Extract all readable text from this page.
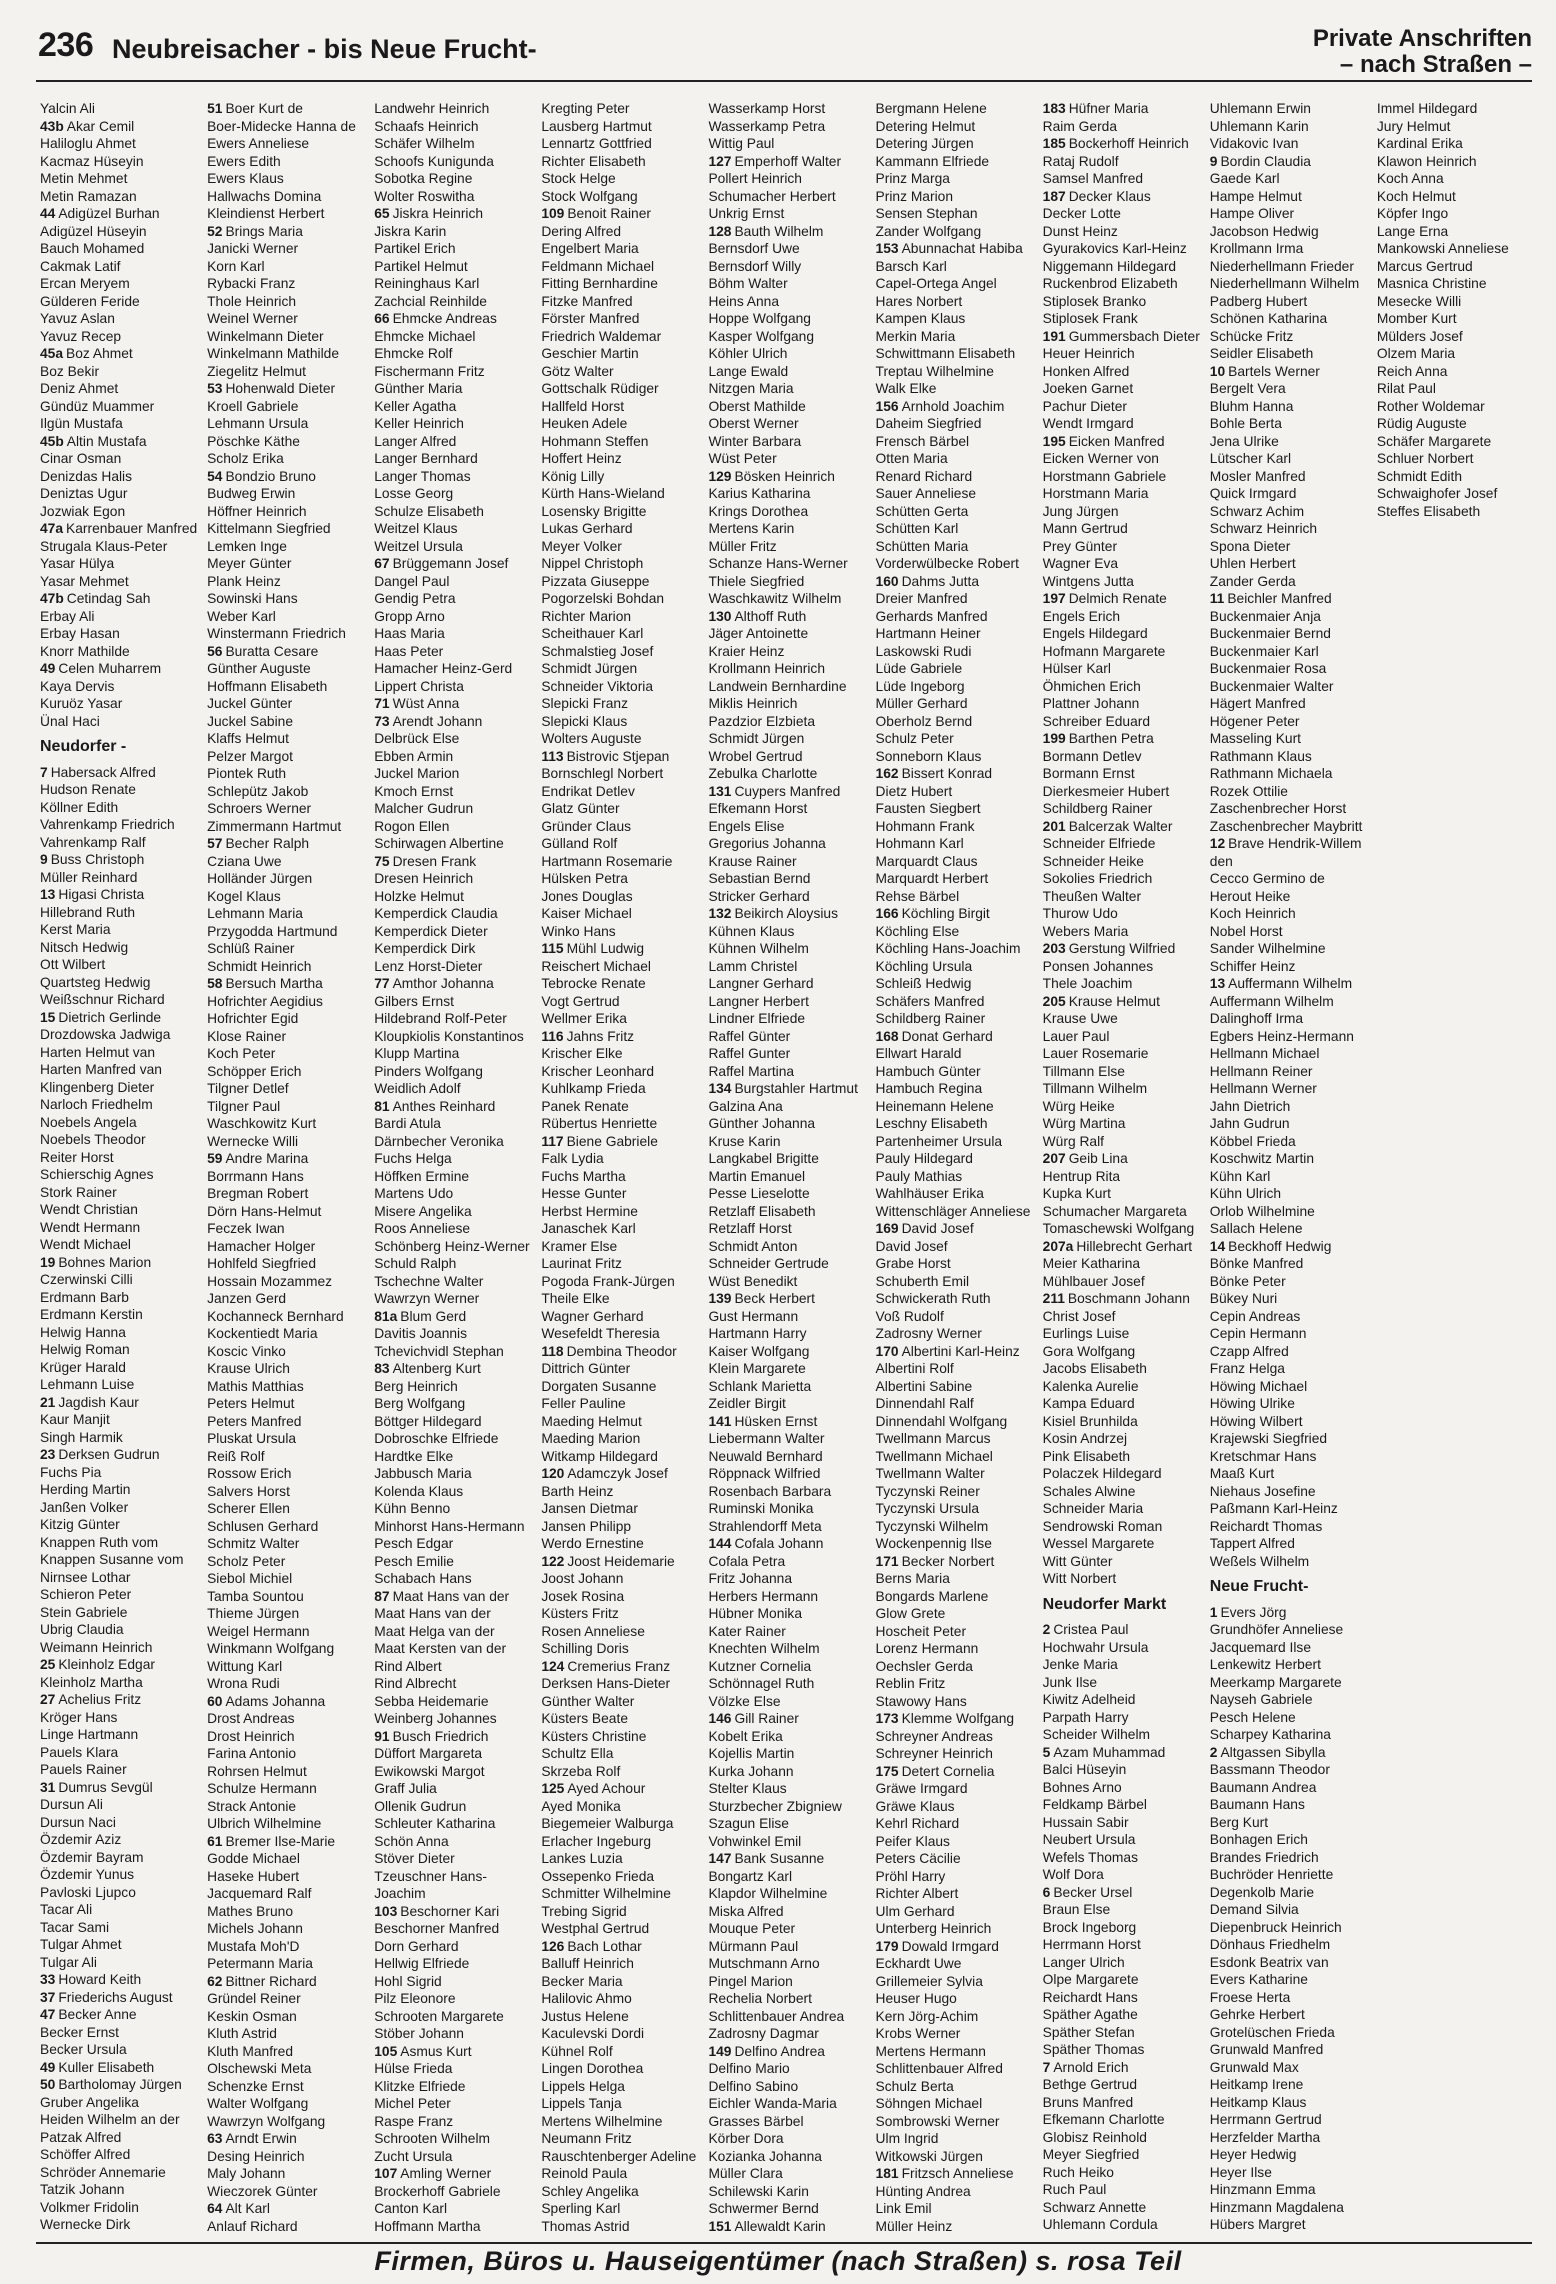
236 Neubreisacher - bis Neue Frucht-	Private Anschriften
– nach Straßen –
Yalcin Ali
43b Akar Cemil
Haliloglu Ahmet
Kacmaz Hüseyin
Metin Mehmet
Metin Ramazan
44 Adigüzel Burhan
Adigüzel Hüseyin
Bauch Mohamed
Cakmak Latif
Ercan Meryem
Gülderen Feride
Yavuz Aslan
Yavuz Recep
45a Boz Ahmet
Boz Bekir
Deniz Ahmet
Gündüz Muammer
Ilgün Mustafa
45b Altin Mustafa
Cinar Osman
Denizdas Halis
Deniztas Ugur
Jozwiak Egon
47a Karrenbauer Manfred
Strugala Klaus-Peter
Yasar Hülya
Yasar Mehmet
47b Cetindag Sah
Erbay Ali
Erbay Hasan
Knorr Mathilde
49 Celen Muharrem
Kaya Dervis
Kuruöz Yasar
Ünal Haci
Neudorfer -
7 Habersack Alfred
Hudson Renate
Köllner Edith
Vahrenkamp Friedrich
Vahrenkamp Ralf
9 Buss Christoph
Müller Reinhard
13 Higasi Christa
Hillebrand Ruth
Kerst Maria
Nitsch Hedwig
Ott Wilbert
Quartsteg Hedwig
Weißschnur Richard
15 Dietrich Gerlinde
Drozdowska Jadwiga
Harten Helmut van
Harten Manfred van
Klingenberg Dieter
Narloch Friedhelm
Noebels Angela
Noebels Theodor
Reiter Horst
Schierschig Agnes
Stork Rainer
Wendt Christian
Wendt Hermann
Wendt Michael
19 Bohnes Marion
Czerwinski Cilli
Erdmann Barb
Erdmann Kerstin
Helwig Hanna
Helwig Roman
Krüger Harald
Lehmann Luise
21 Jagdish Kaur
Kaur Manjit
Singh Harmik
23 Derksen Gudrun
Fuchs Pia
Herding Martin
Janßen Volker
Kitzig Günter
Knappen Ruth vom
Knappen Susanne vom
Nirnsee Lothar
Schieron Peter
Stein Gabriele
Ubrig Claudia
Weimann Heinrich
25 Kleinholz Edgar
Kleinholz Martha
27 Achelius Fritz
Kröger Hans
Linge Hartmann
Pauels Klara
Pauels Rainer
31 Dumrus Sevgül
Dursun Ali
Dursun Naci
Özdemir Aziz
Özdemir Bayram
Özdemir Yunus
Pavloski Ljupco
Tacar Ali
Tacar Sami
Tulgar Ahmet
Tulgar Ali
33 Howard Keith
37 Friederichs August
47 Becker Anne
Becker Ernst
Becker Ursula
49 Kuller Elisabeth
50 Bartholomay Jürgen
Gruber Angelika
Heiden Wilhelm an der
Patzak Alfred
Schöffer Alfred
Schröder Annemarie
Tatzik Johann
Volkmer Fridolin
Wernecke Dirk
51 Boer Kurt de
Boer-Midecke Hanna de
Ewers Anneliese
Ewers Edith
Ewers Klaus
Hallwachs Domina
Kleindienst Herbert
52 Brings Maria
Janicki Werner
Korn Karl
Rybacki Franz
Thole Heinrich
Weinel Werner
Winkelmann Dieter
Winkelmann Mathilde
Ziegelitz Helmut
53 Hohenwald Dieter
Kroell Gabriele
Lehmann Ursula
Pöschke Käthe
Scholz Erika
54 Bondzio Bruno
Budweg Erwin
Höffner Heinrich
Kittelmann Siegfried
Lemken Inge
Meyer Günter
Plank Heinz
Sowinski Hans
Weber Karl
Winstermann Friedrich
56 Buratta Cesare
Günther Auguste
Hoffmann Elisabeth
Juckel Günter
Juckel Sabine
Klaffs Helmut
Pelzer Margot
Piontek Ruth
Schlepütz Jakob
Schroers Werner
Zimmermann Hartmut
57 Becher Ralph
Cziana Uwe
Holländer Jürgen
Kogel Klaus
Lehmann Maria
Przygodda Hartmund
Schlüß Rainer
Schmidt Heinrich
58 Bersuch Martha
Hofrichter Aegidius
Hofrichter Egid
Klose Rainer
Koch Peter
Schöpper Erich
Tilgner Detlef
Tilgner Paul
Waschkowitz Kurt
Wernecke Willi
59 Andre Marina
Borrmann Hans
Bregman Robert
Dörn Hans-Helmut
Feczek Iwan
Hamacher Holger
Hohlfeld Siegfried
Hossain Mozammez
Janzen Gerd
Kochanneck Bernhard
Kockentiedt Maria
Koscic Vinko
Krause Ulrich
Mathis Matthias
Peters Helmut
Peters Manfred
Pluskat Ursula
Reiß Rolf
Rossow Erich
Salvers Horst
Scherer Ellen
Schlusen Gerhard
Schmitz Walter
Scholz Peter
Siebol Michiel
Tamba Sountou
Thieme Jürgen
Weigel Hermann
Winkmann Wolfgang
Wittung Karl
Wrona Rudi
60 Adams Johanna
Drost Andreas
Drost Heinrich
Farina Antonio
Rohrsen Helmut
Schulze Hermann
Strack Antonie
Ulbrich Wilhelmine
61 Bremer Ilse-Marie
Godde Michael
Haseke Hubert
Jacquemard Ralf
Mathes Bruno
Michels Johann
Mustafa Moh'D
Petermann Maria
62 Bittner Richard
Gründel Reiner
Keskin Osman
Kluth Astrid
Kluth Manfred
Olschewski Meta
Schenzke Ernst
Walter Wolfgang
Wawrzyn Wolfgang
63 Arndt Erwin
Desing Heinrich
Maly Johann
Wieczorek Günter
64 Alt Karl
Anlauf Richard
Landwehr Heinrich
Schaafs Heinrich
Schäfer Wilhelm
Schoofs Kunigunda
Sobotka Regine
Wolter Roswitha
65 Jiskra Heinrich
Jiskra Karin
Partikel Erich
Partikel Helmut
Reininghaus Karl
Zachcial Reinhilde
66 Ehmcke Andreas
Ehmcke Michael
Ehmcke Rolf
Fischermann Fritz
Günther Maria
Keller Agatha
Keller Heinrich
Langer Alfred
Langer Bernhard
Langer Thomas
Losse Georg
Schulze Elisabeth
Weitzel Klaus
Weitzel Ursula
67 Brüggemann Josef
Dangel Paul
Gendig Petra
Gropp Arno
Haas Maria
Haas Peter
Hamacher Heinz-Gerd
Lippert Christa
71 Wüst Anna
73 Arendt Johann
Delbrück Else
Ebben Armin
Juckel Marion
Kmoch Ernst
Malcher Gudrun
Rogon Ellen
Schirwagen Albertine
75 Dresen Frank
Dresen Heinrich
Holzke Helmut
Kemperdick Claudia
Kemperdick Dieter
Kemperdick Dirk
Lenz Horst-Dieter
77 Amthor Johanna
Gilbers Ernst
Hildebrand Rolf-Peter
Kloupkiolis Konstantinos
Klupp Martina
Pinders Wolfgang
Weidlich Adolf
81 Anthes Reinhard
Bardi Atula
Därnbecher Veronika
Fuchs Helga
Höffken Ermine
Martens Udo
Misere Angelika
Roos Anneliese
Schönberg Heinz-Werner
Schuld Ralph
Tschechne Walter
Wawrzyn Werner
81a Blum Gerd
Davitis Joannis
Tchevichvidl Stephan
83 Altenberg Kurt
Berg Heinrich
Berg Wolfgang
Böttger Hildegard
Dobroschke Elfriede
Hardtke Elke
Jabbusch Maria
Kolenda Klaus
Kühn Benno
Minhorst Hans-Hermann
Pesch Edgar
Pesch Emilie
Schabach Hans
87 Maat Hans van der
Maat Hans van der
Maat Helga van der
Maat Kersten van der
Rind Albert
Rind Albrecht
Sebba Heidemarie
Weinberg Johannes
91 Busch Friedrich
Düffort Margareta
Ewikowski Margot
Graff Julia
Ollenik Gudrun
Schleuter Katharina
Schön Anna
Stöver Dieter
Tzeuschner Hans-Joachim
103 Beschorner Kari
Beschorner Manfred
Dorn Gerhard
Hellwig Elfriede
Hohl Sigrid
Pilz Eleonore
Schrooten Margarete
Stöber Johann
105 Asmus Kurt
Hülse Frieda
Klitzke Elfriede
Michel Peter
Raspe Franz
Schrooten Wilhelm
Zucht Ursula
107 Amling Werner
Brockerhoff Gabriele
Canton Karl
Hoffmann Martha
Kregting Peter
Lausberg Hartmut
Lennartz Gottfried
Richter Elisabeth
Stock Helge
Stock Wolfgang
109 Benoit Rainer
Dering Alfred
Engelbert Maria
Feldmann Michael
Fitting Bernhardine
Fitzke Manfred
Förster Manfred
Friedrich Waldemar
Geschier Martin
Götz Walter
Gottschalk Rüdiger
Hallfeld Horst
Heuken Adele
Hohmann Steffen
Hoffert Heinz
König Lilly
Kürth Hans-Wieland
Losensky Brigitte
Lukas Gerhard
Meyer Volker
Nippel Christoph
Pizzata Giuseppe
Pogorzelski Bohdan
Richter Marion
Scheithauer Karl
Schmalstieg Josef
Schmidt Jürgen
Schneider Viktoria
Slepicki Franz
Slepicki Klaus
Wolters Auguste
113 Bistrovic Stjepan
Bornschlegl Norbert
Endrikat Detlev
Glatz Günter
Gründer Claus
Gülland Rolf
Hartmann Rosemarie
Hülsken Petra
Jones Douglas
Kaiser Michael
Winko Hans
115 Mühl Ludwig
Reischert Michael
Tebrocke Renate
Vogt Gertrud
Wellmer Erika
116 Jahns Fritz
Krischer Elke
Krischer Leonhard
Kuhlkamp Frieda
Panek Renate
Rübertus Henriette
117 Biene Gabriele
Falk Lydia
Fuchs Martha
Hesse Gunter
Herbst Hermine
Janaschek Karl
Kramer Else
Laurinat Fritz
Pogoda Frank-Jürgen
Theile Elke
Wagner Gerhard
Wesefeldt Theresia
118 Dembina Theodor
Dittrich Günter
Dorgaten Susanne
Feller Pauline
Maeding Helmut
Maeding Marion
Witkamp Hildegard
120 Adamczyk Josef
Barth Heinz
Jansen Dietmar
Jansen Philipp
Werdo Ernestine
122 Joost Heidemarie
Joost Johann
Josek Rosina
Küsters Fritz
Rosen Anneliese
Schilling Doris
124 Cremerius Franz
Derksen Hans-Dieter
Günther Walter
Küsters Beate
Küsters Christine
Schultz Ella
Skrzeba Rolf
125 Ayed Achour
Ayed Monika
Biegemeier Walburga
Erlacher Ingeburg
Lankes Luzia
Ossepenko Frieda
Schmitter Wilhelmine
Trebing Sigrid
Westphal Gertrud
126 Bach Lothar
Balluff Heinrich
Becker Maria
Halilovic Ahmo
Justus Helene
Kaculevski Dordi
Kühnel Rolf
Lingen Dorothea
Lippels Helga
Lippels Tanja
Mertens Wilhelmine
Neumann Fritz
Rauschtenberger Adeline
Reinold Paula
Schley Angelika
Sperling Karl
Thomas Astrid
Wasserkamp Horst
Wasserkamp Petra
Wittig Paul
127 Emperhoff Walter
Pollert Heinrich
Schumacher Herbert
Unkrig Ernst
128 Bauth Wilhelm
Bernsdorf Uwe
Bernsdorf Willy
Böhm Walter
Heins Anna
Hoppe Wolfgang
Kasper Wolfgang
Köhler Ulrich
Lange Ewald
Nitzgen Maria
Oberst Mathilde
Oberst Werner
Winter Barbara
Wüst Peter
129 Bösken Heinrich
Karius Katharina
Krings Dorothea
Mertens Karin
Müller Fritz
Schanze Hans-Werner
Thiele Siegfried
Waschkawitz Wilhelm
130 Althoff Ruth
Jäger Antoinette
Kraier Heinz
Krollmann Heinrich
Landwein Bernhardine
Miklis Heinrich
Pazdzior Elzbieta
Schmidt Jürgen
Wrobel Gertrud
Zebulka Charlotte
131 Cuypers Manfred
Efkemann Horst
Engels Elise
Gregorius Johanna
Krause Rainer
Sebastian Bernd
Stricker Gerhard
132 Beikirch Aloysius
Kühnen Klaus
Kühnen Wilhelm
Lamm Christel
Langner Gerhard
Langner Herbert
Lindner Elfriede
Raffel Günter
Raffel Gunter
Raffel Martina
134 Burgstahler Hartmut
Galzina Ana
Günther Johanna
Kruse Karin
Langkabel Brigitte
Martin Emanuel
Pesse Lieselotte
Retzlaff Elisabeth
Retzlaff Horst
Schmidt Anton
Schneider Gertrude
Wüst Benedikt
139 Beck Herbert
Gust Hermann
Hartmann Harry
Kaiser Wolfgang
Klein Margarete
Schlank Marietta
Zeidler Birgit
141 Hüsken Ernst
Liebermann Walter
Neuwald Bernhard
Röppnack Wilfried
Rosenbach Barbara
Ruminski Monika
Strahlendorff Meta
144 Cofala Johann
Cofala Petra
Fritz Johanna
Herbers Hermann
Hübner Monika
Kater Rainer
Knechten Wilhelm
Kutzner Cornelia
Schönnagel Ruth
Völzke Else
146 Gill Rainer
Kobelt Erika
Kojellis Martin
Kurka Johann
Stelter Klaus
Sturzbecher Zbigniew
Szagun Elise
Vohwinkel Emil
147 Bank Susanne
Bongartz Karl
Klapdor Wilhelmine
Miska Alfred
Mouque Peter
Mürmann Paul
Mutschmann Arno
Pingel Marion
Rechelia Norbert
Schlittenbauer Andrea
Zadrosny Dagmar
149 Delfino Andrea
Delfino Mario
Delfino Sabino
Eichler Wanda-Maria
Grasses Bärbel
Körber Dora
Kozianka Johanna
Müller Clara
Schilewski Karin
Schwermer Bernd
151 Allewaldt Karin
Bergmann Helene
Detering Helmut
Detering Jürgen
Kammann Elfriede
Prinz Marga
Prinz Marion
Sensen Stephan
Zander Wolfgang
153 Abunnachat Habiba
Barsch Karl
Capel-Ortega Angel
Hares Norbert
Kampen Klaus
Merkin Maria
Schwittmann Elisabeth
Treptau Wilhelmine
Walk Elke
156 Arnhold Joachim
Daheim Siegfried
Frensch Bärbel
Otten Maria
Renard Richard
Sauer Anneliese
Schütten Gerta
Schütten Karl
Schütten Maria
Vorderwülbecke Robert
160 Dahms Jutta
Dreier Manfred
Gerhards Manfred
Hartmann Heiner
Laskowski Rudi
Lüde Gabriele
Lüde Ingeborg
Müller Gerhard
Oberholz Bernd
Schulz Peter
Sonneborn Klaus
162 Bissert Konrad
Dietz Hubert
Fausten Siegbert
Hohmann Frank
Hohmann Karl
Marquardt Claus
Marquardt Herbert
Rehse Bärbel
166 Köchling Birgit
Köchling Else
Köchling Hans-Joachim
Köchling Ursula
Schleiß Hedwig
Schäfers Manfred
Schildberg Rainer
168 Donat Gerhard
Ellwart Harald
Hambuch Günter
Hambuch Regina
Heinemann Helene
Leschny Elisabeth
Partenheimer Ursula
Pauly Hildegard
Pauly Mathias
Wahlhäuser Erika
Wittenschläger Anneliese
169 David Josef
David Josef
Grabe Horst
Schuberth Emil
Schwickerath Ruth
Voß Rudolf
Zadrosny Werner
170 Albertini Karl-Heinz
Albertini Rolf
Albertini Sabine
Dinnendahl Ralf
Dinnendahl Wolfgang
Twellmann Marcus
Twellmann Michael
Twellmann Walter
Tyczynski Reiner
Tyczynski Ursula
Tyczynski Wilhelm
Wockenpennig Ilse
171 Becker Norbert
Berns Maria
Bongards Marlene
Glow Grete
Hoscheit Peter
Lorenz Hermann
Oechsler Gerda
Reblin Fritz
Stawowy Hans
173 Klemme Wolfgang
Schreyner Andreas
Schreyner Heinrich
175 Detert Cornelia
Gräwe Irmgard
Gräwe Klaus
Kehrl Richard
Peifer Klaus
Peters Cäcilie
Pröhl Harry
Richter Albert
Ulm Gerhard
Unterberg Heinrich
179 Dowald Irmgard
Eckhardt Uwe
Grillemeier Sylvia
Heuser Hugo
Kern Jörg-Achim
Krobs Werner
Mertens Hermann
Schlittenbauer Alfred
Schulz Berta
Söhngen Michael
Sombrowski Werner
Ulm Ingrid
Witkowski Jürgen
181 Fritzsch Anneliese
Hünting Andrea
Link Emil
Müller Heinz
183 Hüfner Maria
Raim Gerda
185 Bockerhoff Heinrich
Rataj Rudolf
Samsel Manfred
187 Decker Klaus
Decker Lotte
Dunst Heinz
Gyurakovics Karl-Heinz
Niggemann Hildegard
Ruckenbrod Elizabeth
Stiplosek Branko
Stiplosek Frank
191 Gummersbach Dieter
Heuer Heinrich
Honken Alfred
Joeken Garnet
Pachur Dieter
Wendt Irmgard
195 Eicken Manfred
Eicken Werner von
Horstmann Gabriele
Horstmann Maria
Jung Jürgen
Mann Gertrud
Prey Günter
Wagner Eva
Wintgens Jutta
197 Delmich Renate
Engels Erich
Engels Hildegard
Hofmann Margarete
Hülser Karl
Öhmichen Erich
Plattner Johann
Schreiber Eduard
199 Barthen Petra
Bormann Detlev
Bormann Ernst
Dierkesmeier Hubert
Schildberg Rainer
201 Balcerzak Walter
Schneider Elfriede
Schneider Heike
Sokolies Friedrich
Theußen Walter
Thurow Udo
Webers Maria
203 Gerstung Wilfried
Ponsen Johannes
Thele Joachim
205 Krause Helmut
Krause Uwe
Lauer Paul
Lauer Rosemarie
Tillmann Else
Tillmann Wilhelm
Würg Heike
Würg Martina
Würg Ralf
207 Geib Lina
Hentrup Rita
Kupka Kurt
Schumacher Margareta
Tomaschewski Wolfgang
207a Hillebrecht Gerhart
Meier Katharina
Mühlbauer Josef
211 Boschmann Johann
Christ Josef
Eurlings Luise
Gora Wolfgang
Jacobs Elisabeth
Kalenka Aurelie
Kampa Eduard
Kisiel Brunhilda
Kosin Andrzej
Pink Elisabeth
Polaczek Hildegard
Schales Alwine
Schneider Maria
Sendrowski Roman
Wessel Margarete
Witt Günter
Witt Norbert
Neudorfer Markt
2 Cristea Paul
Hochwahr Ursula
Jenke Maria
Junk Ilse
Kiwitz Adelheid
Parpath Harry
Scheider Wilhelm
5 Azam Muhammad
Balci Hüseyin
Bohnes Arno
Feldkamp Bärbel
Hussain Sabir
Neubert Ursula
Wefels Thomas
Wolf Dora
6 Becker Ursel
Braun Else
Brock Ingeborg
Herrmann Horst
Langer Ulrich
Olpe Margarete
Reichardt Hans
Späther Agathe
Späther Stefan
Späther Thomas
7 Arnold Erich
Bethge Gertrud
Bruns Manfred
Efkemann Charlotte
Globisz Reinhold
Meyer Siegfried
Ruch Heiko
Ruch Paul
Schwarz Annette
Uhlemann Cordula
Uhlemann Erwin
Uhlemann Karin
Vidakovic Ivan
9 Bordin Claudia
Gaede Karl
Hampe Helmut
Hampe Oliver
Jacobson Hedwig
Krollmann Irma
Niederhellmann Frieder
Niederhellmann Wilhelm
Padberg Hubert
Schönen Katharina
Schücke Fritz
Seidler Elisabeth
10 Bartels Werner
Bergelt Vera
Bluhm Hanna
Bohle Berta
Jena Ulrike
Lütscher Karl
Mosler Manfred
Quick Irmgard
Schwarz Achim
Schwarz Heinrich
Spona Dieter
Uhlen Herbert
Zander Gerda
11 Beichler Manfred
Buckenmaier Anja
Buckenmaier Bernd
Buckenmaier Karl
Buckenmaier Rosa
Buckenmaier Walter
Hägert Manfred
Högener Peter
Masseling Kurt
Rathmann Klaus
Rathmann Michaela
Rozek Ottilie
Zaschenbrecher Horst
Zaschenbrecher Maybritt
12 Brave Hendrik-Willem den
Cecco Germino de
Herout Heike
Koch Heinrich
Nobel Horst
Sander Wilhelmine
Schiffer Heinz
13 Auffermann Wilhelm
Auffermann Wilhelm
Dalinghoff Irma
Egbers Heinz-Hermann
Hellmann Michael
Hellmann Reiner
Hellmann Werner
Jahn Dietrich
Jahn Gudrun
Köbbel Frieda
Koschwitz Martin
Kühn Karl
Kühn Ulrich
Orlob Wilhelmine
Sallach Helene
14 Beckhoff Hedwig
Bönke Manfred
Bönke Peter
Bükey Nuri
Cepin Andreas
Cepin Hermann
Czapp Alfred
Franz Helga
Höwing Michael
Höwing Ulrike
Höwing Wilbert
Krajewski Siegfried
Kretschmar Hans
Maaß Kurt
Niehaus Josefine
Paßmann Karl-Heinz
Reichardt Thomas
Tappert Alfred
Weßels Wilhelm
Neue Frucht-
1 Evers Jörg
Grundhöfer Anneliese
Jacquemard Ilse
Lenkewitz Herbert
Meerkamp Margarete
Nayseh Gabriele
Pesch Helene
Scharpey Katharina
2 Altgassen Sibylla
Bassmann Theodor
Baumann Andrea
Baumann Hans
Berg Kurt
Bonhagen Erich
Brandes Friedrich
Buchröder Henriette
Degenkolb Marie
Demand Silvia
Diepenbruck Heinrich
Dönhaus Friedhelm
Esdonk Beatrix van
Evers Katharine
Froese Herta
Gehrke Herbert
Grotelüschen Frieda
Grunwald Manfred
Grunwald Max
Heitkamp Irene
Heitkamp Klaus
Herrmann Gertrud
Herzfelder Martha
Heyer Hedwig
Heyer Ilse
Hinzmann Emma
Hinzmann Magdalena
Hübers Margret
Immel Hildegard
Jury Helmut
Kardinal Erika
Klawon Heinrich
Koch Anna
Koch Helmut
Köpfer Ingo
Lange Erna
Mankowski Anneliese
Marcus Gertrud
Masnica Christine
Mesecke Willi
Momber Kurt
Mülders Josef
Olzem Maria
Reich Anna
Rilat Paul
Rother Woldemar
Rüdig Auguste
Schäfer Margarete
Schluer Norbert
Schmidt Edith
Schwaighofer Josef
Steffes Elisabeth
Firmen, Büros u. Hauseigentümer (nach Straßen) s. rosa Teil
